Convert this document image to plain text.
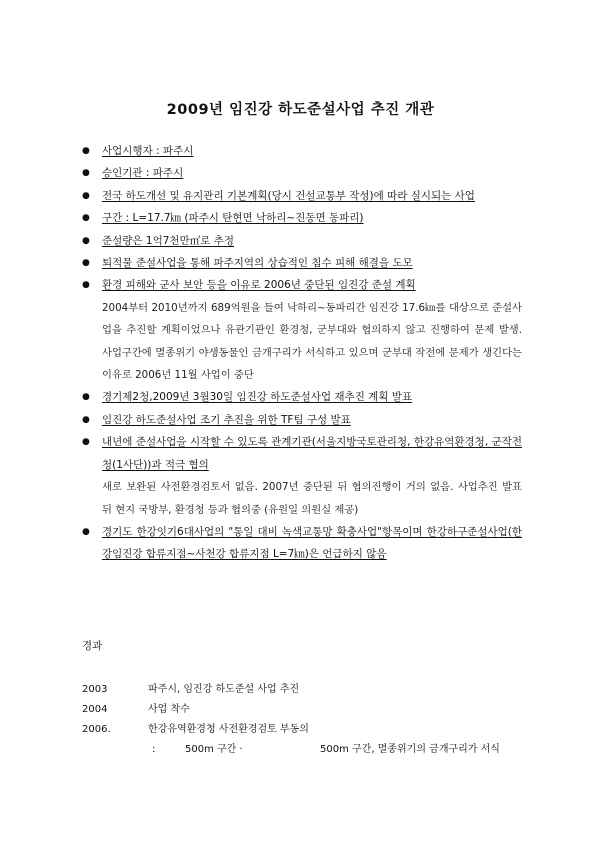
2009년 임진강 하도준설사업 추진 개관
●	사업시행자 : 파주시
●	승인기관 : 파주시
●	전국 하도개선 및 유지관리 기본계획(당시 건설교통부 작성)에 따라 실시되는 사업
●	구간 : L=17.7㎞ (파주시 탄현면 낙하리~진동면 동파리)
●	준설량은 1억7천만㎥로 추정
●	퇴적물 준설사업을 통해 파주지역의 상습적인 침수 피해 해결을 도모
●	환경 피해와 군사 보안 등을 이유로 2006년 중단된 임진강 준설 계획
2004부터 2010년까지 689억원을 들여 낙하리~동파리간 임진강 17.6㎞를 대상으로 준설사업을 추진할 계획이었으나 유관기관인 환경청, 군부대와 협의하지 않고 진행하여 문제 발생. 사업구간에 멸종위기 야생동물인 금개구리가 서식하고 있으며 군부대 작전에 문제가 생긴다는 이유로 2006년 11월 사업이 중단
●	경기제2청,2009년 3월30일 임진강 하도준설사업 재추진 계획 발표
●	임진강 하도준설사업 조기 추진을 위한 TF팀 구성 발표
●	내년에 준설사업을 시작할 수 있도록 관계기관(서울지방국토관리청, 한강유역환경청, 군작전청(1사단))과 적극 협의
새로 보완된 사전환경검토서 없음. 2007년 중단된 뒤 협의진행이 거의 없음. 사업추진 발표 뒤 현지 국방부, 환경청 등과 협의중 (유원일 의원실 제공)
●	경기도 한강잇기6대사업의 "통일 대비 녹색교통망 확충사업"항목이며 한강하구준설사업(한강임진강 합류지점~사천강 합류지점 L=7㎞)은 언급하지 않음
경과
2003	파주시, 임진강 하도준설 사업 추진
2004	사업 착수
2006.	한강유역환경청 사전환경검토 부동의
:	500m 구간 ·	500m 구간, 멸종위기의 금개구리가 서식
